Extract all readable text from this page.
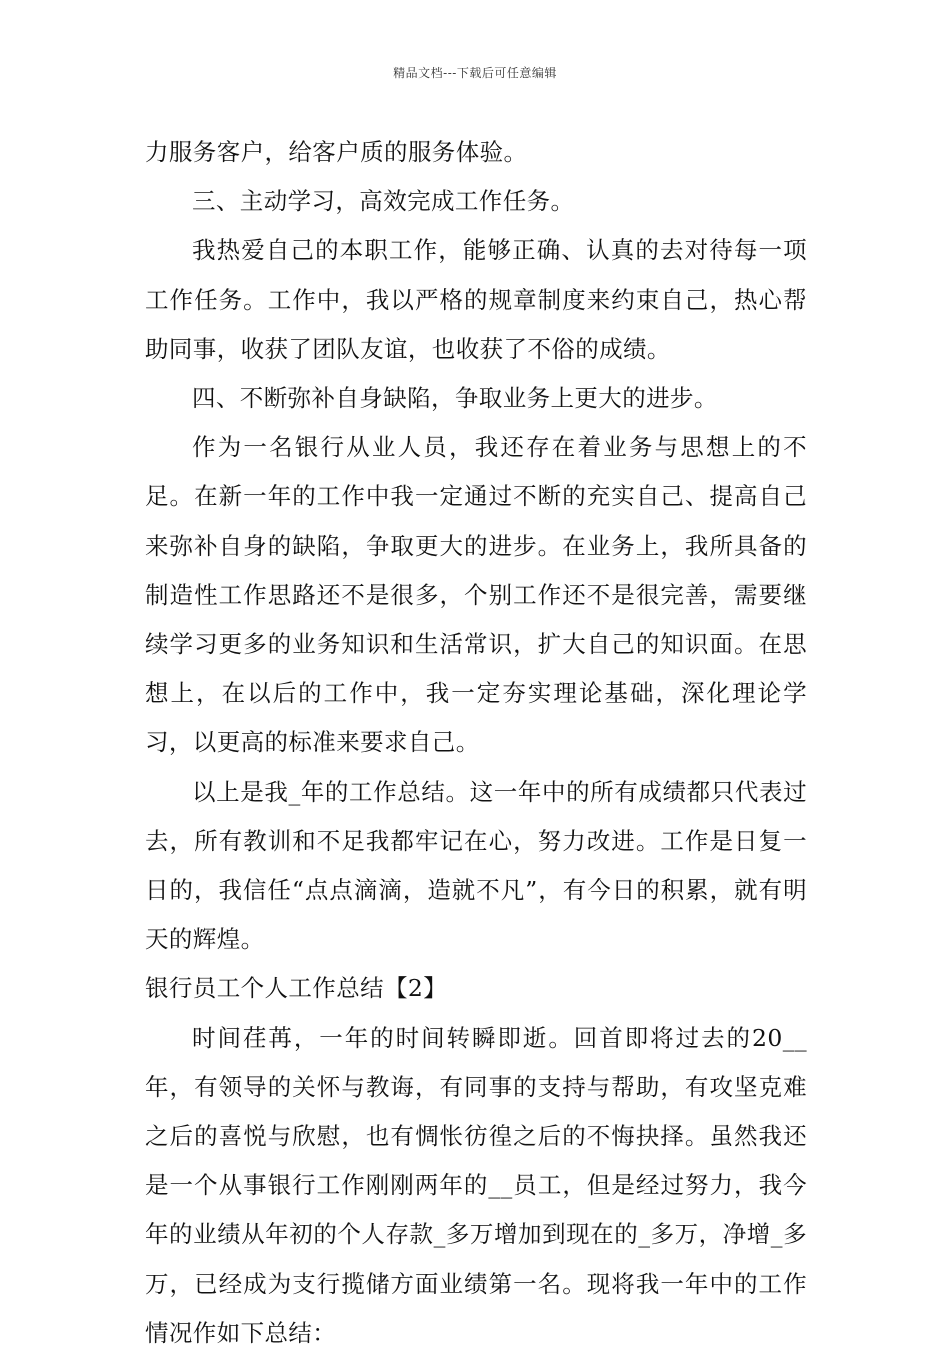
精品文档---下载后可任意编辑

力服务客户，给客户质的服务体验。

三、主动学习，高效完成工作任务。

我热爱自己的本职工作，能够正确、认真的去对待每一项工作任务。工作中，我以严格的规章制度来约束自己，热心帮助同事，收获了团队友谊，也收获了不俗的成绩。

四、不断弥补自身缺陷，争取业务上更大的进步。

作为一名银行从业人员，我还存在着业务与思想上的不足。在新一年的工作中我一定通过不断的充实自己、提高自己来弥补自身的缺陷，争取更大的进步。在业务上，我所具备的制造性工作思路还不是很多，个别工作还不是很完善，需要继续学习更多的业务知识和生活常识，扩大自己的知识面。在思想上，在以后的工作中，我一定夯实理论基础，深化理论学习，以更高的标准来要求自己。

以上是我_年的工作总结。这一年中的所有成绩都只代表过去，所有教训和不足我都牢记在心，努力改进。工作是日复一日的，我信任“点点滴滴，造就不凡”，有今日的积累，就有明天的辉煌。

银行员工个人工作总结【2】

时间荏苒，一年的时间转瞬即逝。回首即将过去的20__年，有领导的关怀与教诲，有同事的支持与帮助，有攻坚克难之后的喜悦与欣慰，也有惆怅彷徨之后的不悔抉择。虽然我还是一个从事银行工作刚刚两年的__员工，但是经过努力，我今年的业绩从年初的个人存款_多万增加到现在的_多万，净增_多万，已经成为支行揽储方面业绩第一名。现将我一年中的工作情况作如下总结：
